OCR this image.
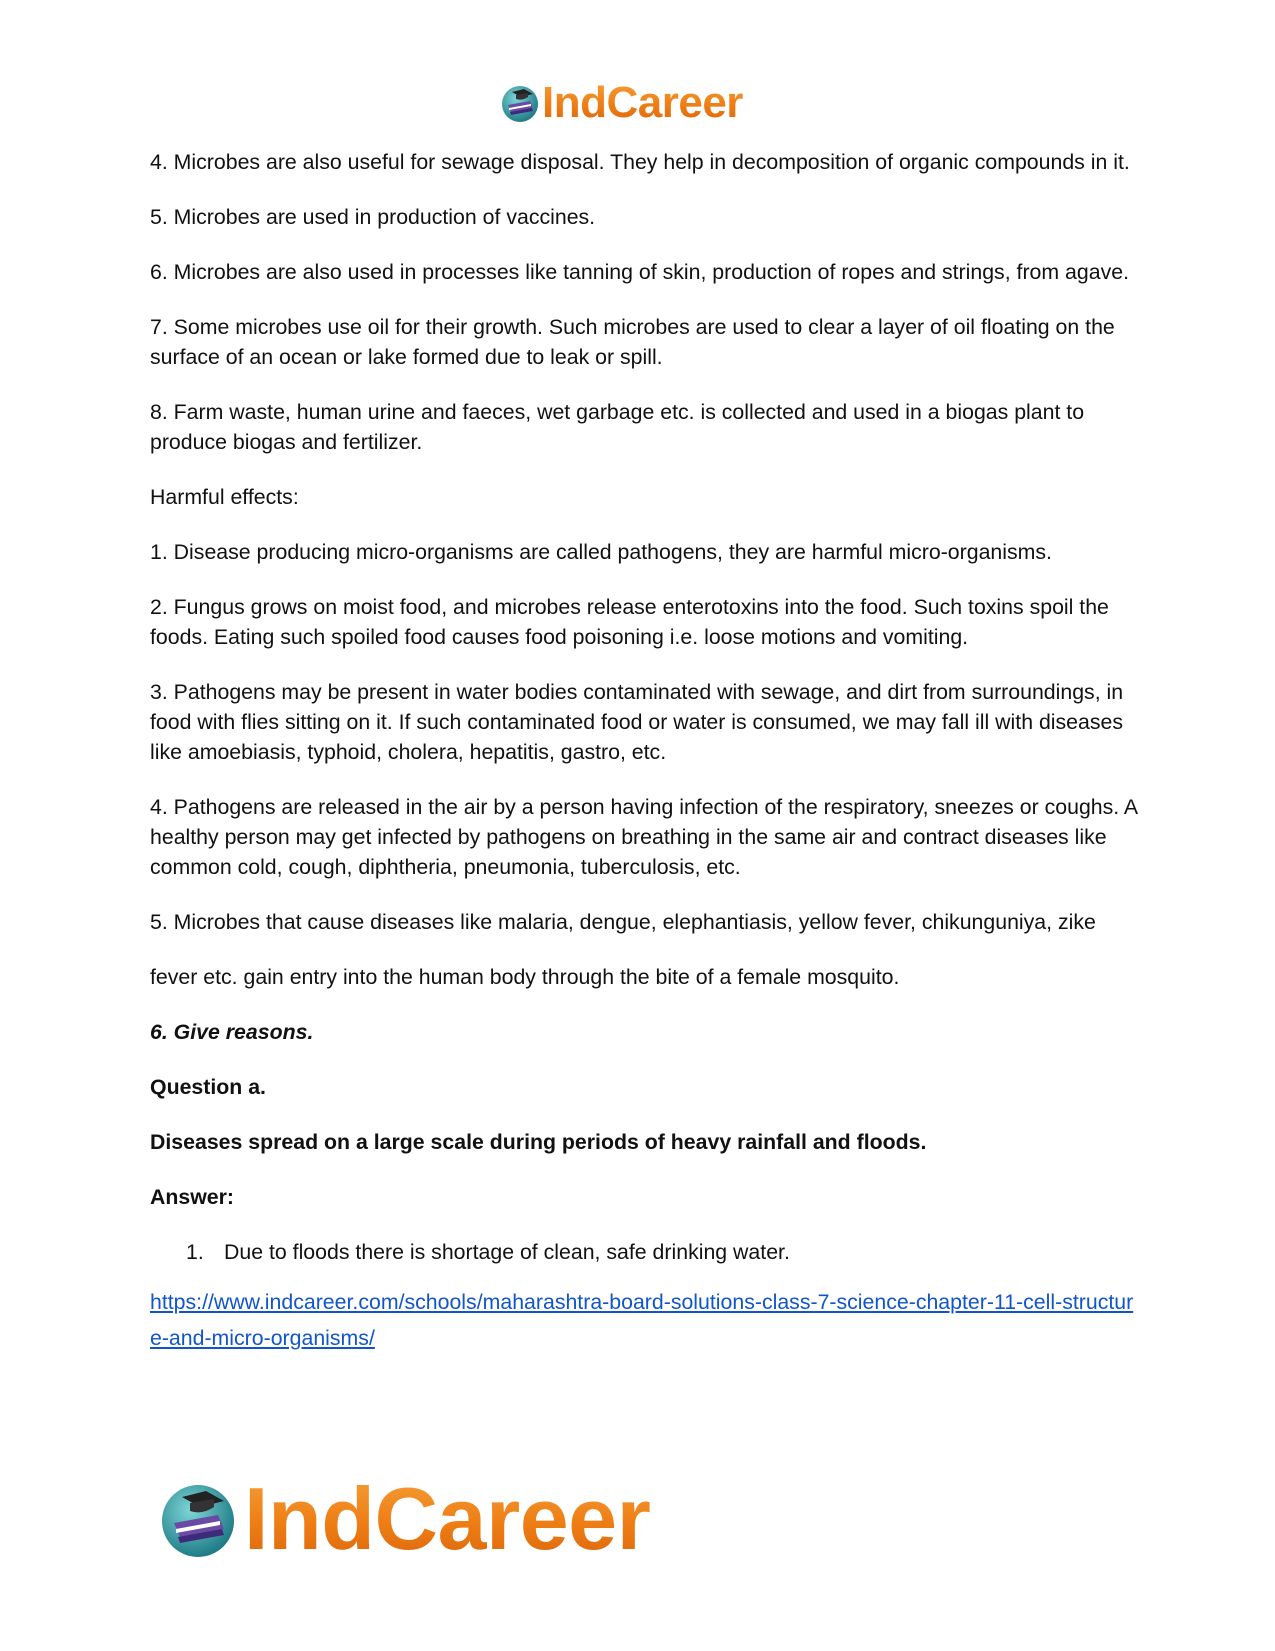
IndCareer

4. Microbes are also useful for sewage disposal. They help in decomposition of organic compounds in it.

5. Microbes are used in production of vaccines.

6. Microbes are also used in processes like tanning of skin, production of ropes and strings, from agave.

7. Some microbes use oil for their growth. Such microbes are used to clear a layer of oil floating on the surface of an ocean or lake formed due to leak or spill.

8. Farm waste, human urine and faeces, wet garbage etc. is collected and used in a biogas plant to produce biogas and fertilizer.

Harmful effects:

1. Disease producing micro-organisms are called pathogens, they are harmful micro-organisms.

2. Fungus grows on moist food, and microbes release enterotoxins into the food. Such toxins spoil the foods. Eating such spoiled food causes food poisoning i.e. loose motions and vomiting.

3. Pathogens may be present in water bodies contaminated with sewage, and dirt from surroundings, in food with flies sitting on it. If such contaminated food or water is consumed, we may fall ill with diseases like amoebiasis, typhoid, cholera, hepatitis, gastro, etc.

4. Pathogens are released in the air by a person having infection of the respiratory, sneezes or coughs. A healthy person may get infected by pathogens on breathing in the same air and contract diseases like common cold, cough, diphtheria, pneumonia, tuberculosis, etc.

5. Microbes that cause diseases like malaria, dengue, elephantiasis, yellow fever, chikunguniya, zike

fever etc. gain entry into the human body through the bite of a female mosquito.

6. Give reasons.

Question a.

Diseases spread on a large scale during periods of heavy rainfall and floods.

Answer:

1. Due to floods there is shortage of clean, safe drinking water.
https://www.indcareer.com/schools/maharashtra-board-solutions-class-7-science-chapter-11-cell-structure-and-micro-organisms/
IndCareer
